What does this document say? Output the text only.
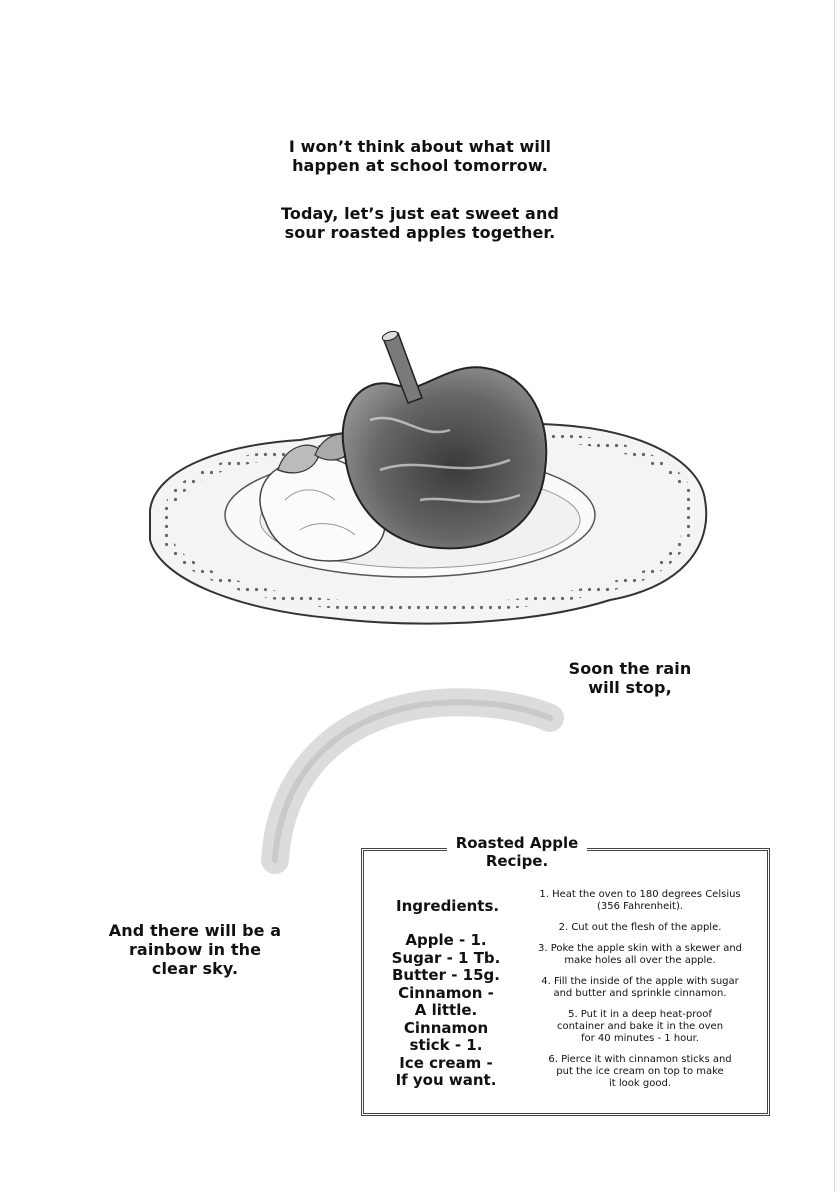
I won’t think about what will
happen at school tomorrow.
Today, let’s just eat sweet and
sour roasted apples together.
Soon the rain
will stop,
And there will be a
rainbow in the
clear sky.
Roasted Apple
Recipe.
Ingredients.
Apple - 1.
Sugar - 1 Tb.
Butter - 15g.
Cinnamon -
A little.
Cinnamon
stick - 1.
Ice cream -
If you want.
1. Heat the oven to 180 degrees Celsius
(356 Fahrenheit).
2. Cut out the flesh of the apple.
3. Poke the apple skin with a skewer and
make holes all over the apple.
4. Fill the inside of the apple with sugar
and butter and sprinkle cinnamon.
5. Put it in a deep heat-proof
container and bake it in the oven
for 40 minutes - 1 hour.
6. Pierce it with cinnamon sticks and
put the ice cream on top to make
it look good.
